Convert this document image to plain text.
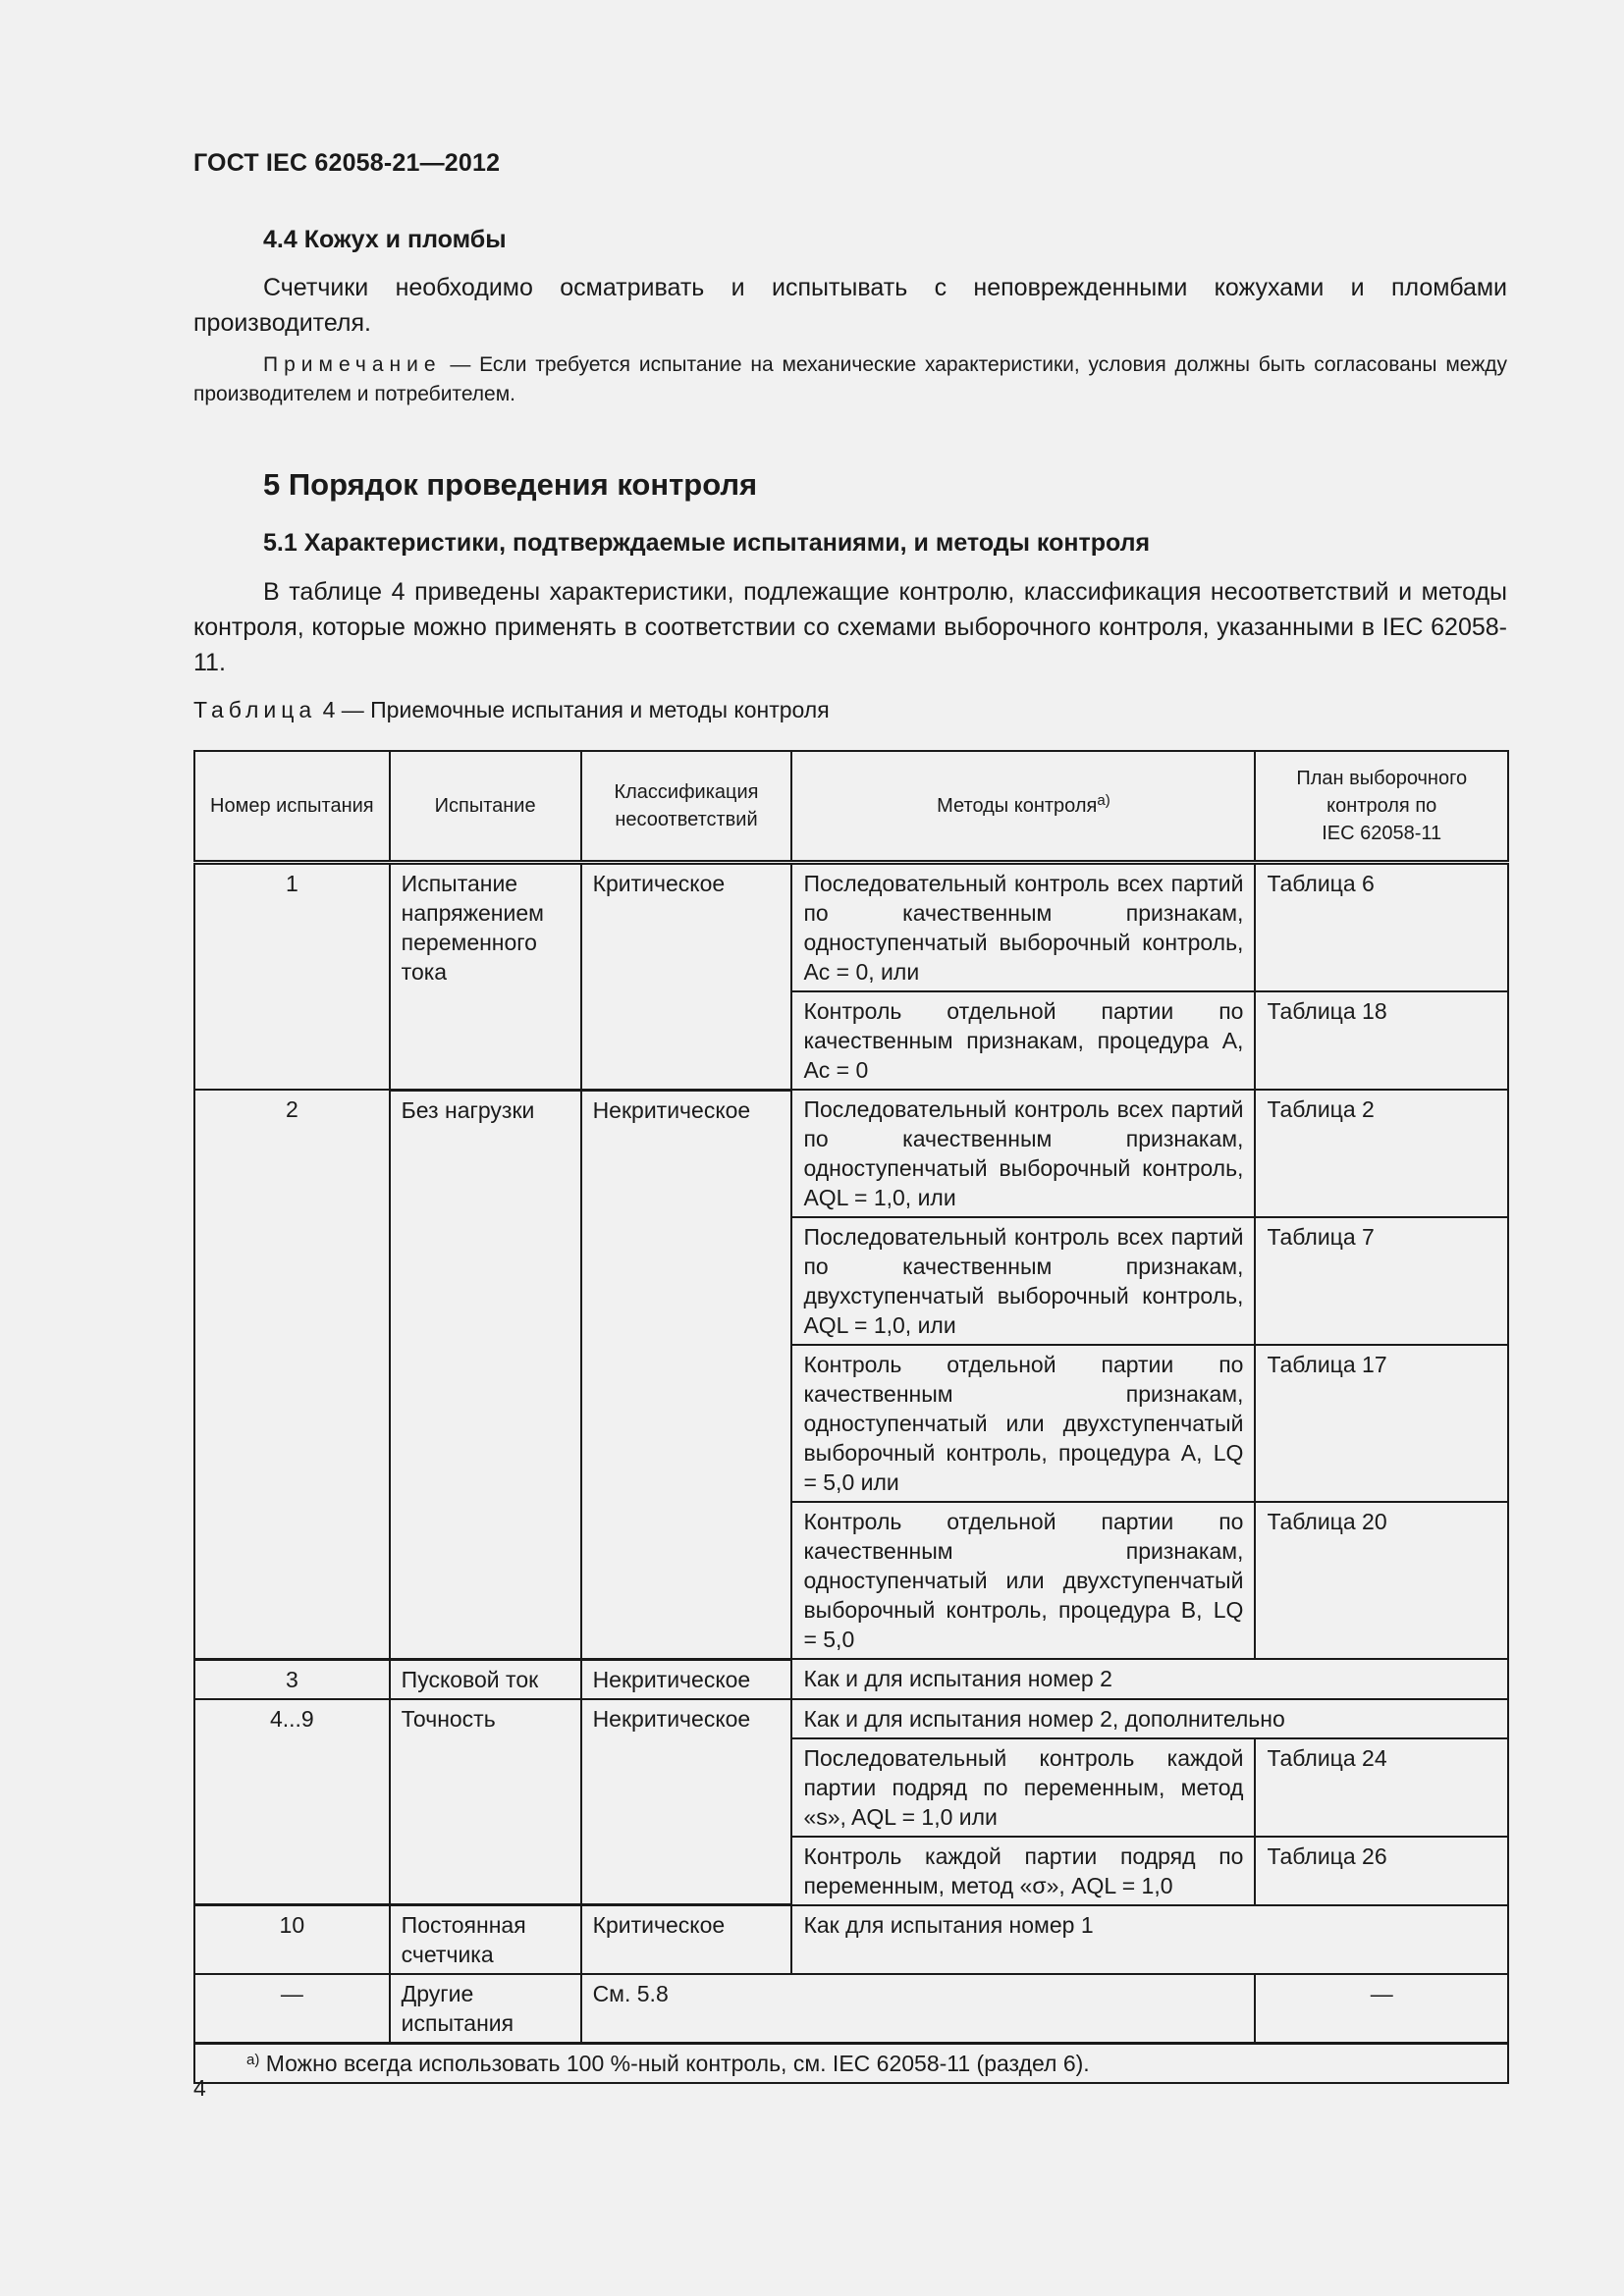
ГОСТ IEC 62058-21—2012
4.4 Кожух и пломбы
Счетчики необходимо осматривать и испытывать с неповрежденными кожухами и пломбами производителя.
Примечание — Если требуется испытание на механические характеристики, условия должны быть согласованы между производителем и потребителем.
5 Порядок проведения контроля
5.1 Характеристики, подтверждаемые испытаниями, и методы контроля
В таблице 4 приведены характеристики, подлежащие контролю, классификация несоответствий и методы контроля, которые можно применять в соответствии со схемами выборочного контроля, указанными в IEC 62058-11.
Таблица 4 — Приемочные испытания и методы контроля
Номер испытания	Испытание	Классификация несоответствий	Методы контроля$^{а)}$	План выборочного
контроля по
IEC 62058-11
1	Испытание напряжением переменного тока	Критическое	Последовательный контроль всех партий по качественным признакам, одноступенчатый выборочный контроль, Ac = 0, или	Таблица 6
			Контроль отдельной партии по качественным признакам, процедура А, Ac = 0	Таблица 18
2	Без нагрузки	Некритическое	Последовательный контроль всех партий по качественным признакам, одноступенчатый выборочный контроль, AQL = 1,0, или	Таблица 2
			Последовательный контроль всех партий по качественным признакам, двухступенчатый выборочный контроль, AQL = 1,0, или	Таблица 7
			Контроль отдельной партии по качественным признакам, одноступенчатый или двухступенчатый выборочный контроль, процедура А, LQ = 5,0 или	Таблица 17
			Контроль отдельной партии по качественным признакам, одноступенчатый или двухступенчатый выборочный контроль, процедура В, LQ = 5,0	Таблица 20
3	Пусковой ток	Некритическое	Как и для испытания номер 2	
4...9	Точность	Некритическое	Как и для испытания номер 2, дополнительно	
			Последовательный контроль каждой партии подряд по переменным, метод «s», AQL = 1,0 или	Таблица 24
			Контроль каждой партии подряд по переменным, метод «σ», AQL = 1,0	Таблица 26
10	Постоянная счетчика	Критическое	Как для испытания номер 1	
—	Другие испытания	См. 5.8		—
$^{а)}$ Можно всегда использовать 100 %-ный контроль, см. IEC 62058-11 (раздел 6).				
4
